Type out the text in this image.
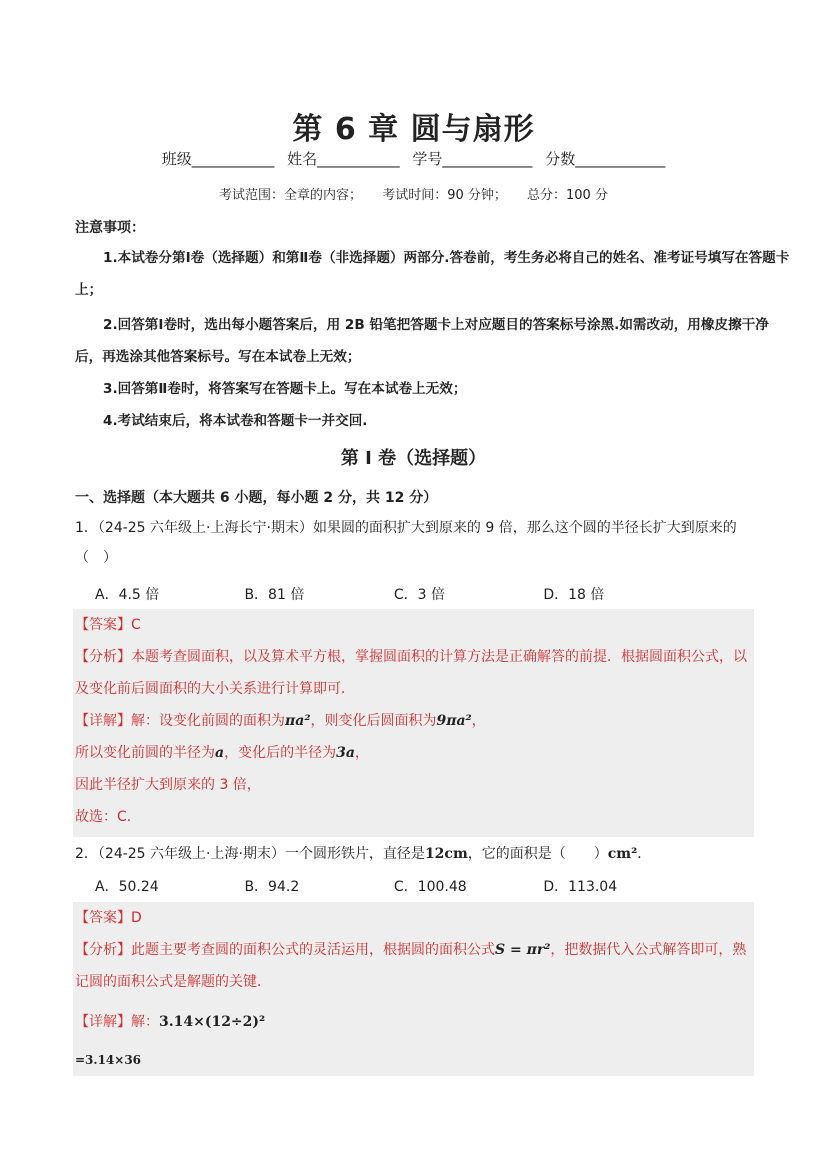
第 6 章 圆与扇形
班级___________ 姓名___________ 学号____________ 分数____________
考试范围：全章的内容； 考试时间：90 分钟； 总分：100 分
注意事项：
1.本试卷分第Ⅰ卷（选择题）和第Ⅱ卷（非选择题）两部分.答卷前，考生务必将自己的姓名、准考证号填写在答题卡上；
2.回答第Ⅰ卷时，选出每小题答案后，用 2B 铅笔把答题卡上对应题目的答案标号涂黑.如需改动，用橡皮擦干净后，再选涂其他答案标号。写在本试卷上无效；
3.回答第Ⅱ卷时，将答案写在答题卡上。写在本试卷上无效；
4.考试结束后，将本试卷和答题卡一并交回.
第 I 卷（选择题）
一、选择题（本大题共 6 小题，每小题 2 分，共 12 分）
1．（24-25 六年级上·上海长宁·期末）如果圆的面积扩大到原来的 9 倍，那么这个圆的半径长扩大到原来的（　）
A．4.5 倍	B．81 倍	C．3 倍	D．18 倍
【答案】C
【分析】本题考查圆面积，以及算术平方根，掌握圆面积的计算方法是正确解答的前提．根据圆面积公式，以及变化前后圆面积的大小关系进行计算即可．
【详解】解：设变化前圆的面积为πa²，则变化后圆面积为9πa²，
所以变化前圆的半径为a，变化后的半径为3a，
因此半径扩大到原来的 3 倍，
故选：C．
2．（24-25 六年级上·上海·期末）一个圆形铁片，直径是12cm，它的面积是（　　）cm²．
A．50.24	B．94.2	C．100.48	D．113.04
【答案】D
【分析】此题主要考查圆的面积公式的灵活运用，根据圆的面积公式S = πr²，把数据代入公式解答即可，熟记圆的面积公式是解题的关键．
【详解】解：3.14×(12÷2)²
=3.14×36
